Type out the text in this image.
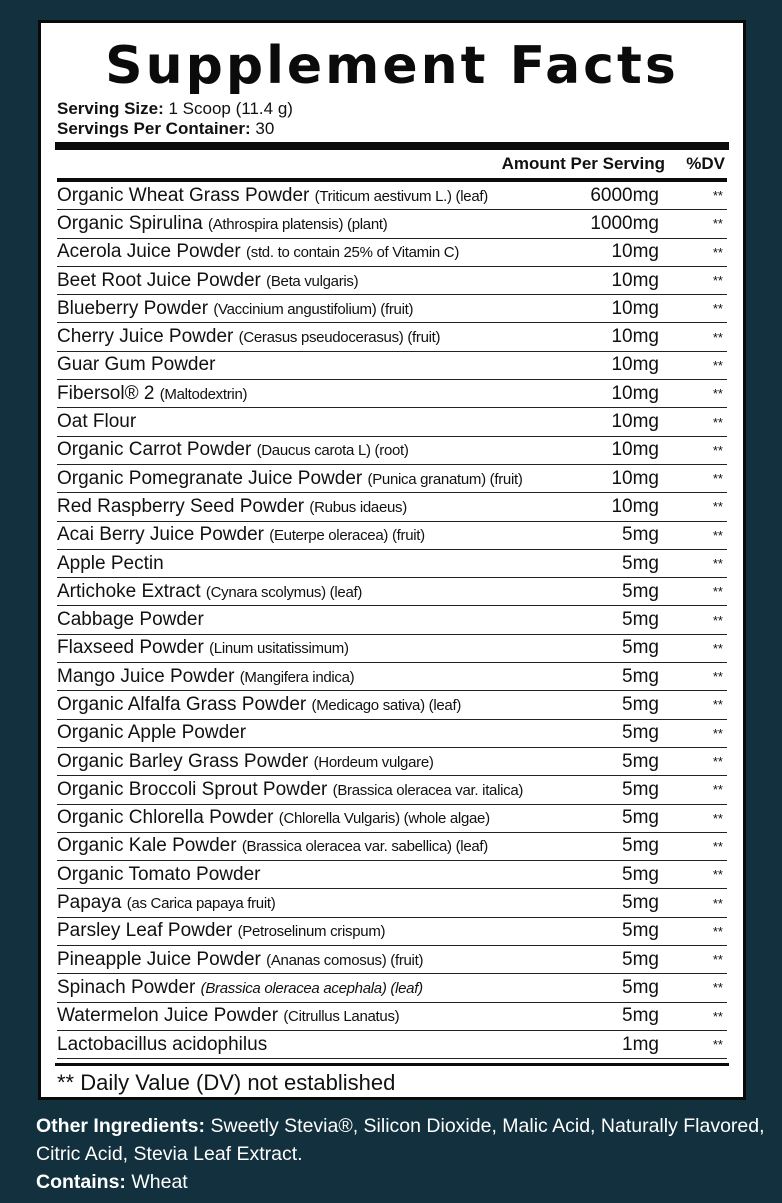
Supplement Facts
Serving Size: 1 Scoop (11.4 g)
Servings Per Container: 30
Amount Per Serving	%DV
Organic Wheat Grass Powder (Triticum aestivum L.) (leaf)	6000mg	**
Organic Spirulina (Athrospira platensis) (plant)	1000mg	**
Acerola Juice Powder (std. to contain 25% of Vitamin C)	10mg	**
Beet Root Juice Powder (Beta vulgaris)	10mg	**
Blueberry Powder (Vaccinium angustifolium) (fruit)	10mg	**
Cherry Juice Powder (Cerasus pseudocerasus) (fruit)	10mg	**
Guar Gum Powder	10mg	**
Fibersol® 2 (Maltodextrin)	10mg	**
Oat Flour	10mg	**
Organic Carrot Powder (Daucus carota L) (root)	10mg	**
Organic Pomegranate Juice Powder (Punica granatum) (fruit)	10mg	**
Red Raspberry Seed Powder (Rubus idaeus)	10mg	**
Acai Berry Juice Powder (Euterpe oleracea) (fruit)	5mg	**
Apple Pectin	5mg	**
Artichoke Extract (Cynara scolymus) (leaf)	5mg	**
Cabbage Powder	5mg	**
Flaxseed Powder (Linum usitatissimum)	5mg	**
Mango Juice Powder (Mangifera indica)	5mg	**
Organic Alfalfa Grass Powder (Medicago sativa) (leaf)	5mg	**
Organic Apple Powder	5mg	**
Organic Barley Grass Powder (Hordeum vulgare)	5mg	**
Organic Broccoli Sprout Powder (Brassica oleracea var. italica)	5mg	**
Organic Chlorella Powder (Chlorella Vulgaris) (whole algae)	5mg	**
Organic Kale Powder (Brassica oleracea var. sabellica) (leaf)	5mg	**
Organic Tomato Powder	5mg	**
Papaya (as Carica papaya fruit)	5mg	**
Parsley Leaf Powder (Petroselinum crispum)	5mg	**
Pineapple Juice Powder (Ananas comosus) (fruit)	5mg	**
Spinach Powder (Brassica oleracea acephala) (leaf)	5mg	**
Watermelon Juice Powder (Citrullus Lanatus)	5mg	**
Lactobacillus acidophilus	1mg	**
** Daily Value (DV) not established
Other Ingredients: Sweetly Stevia®, Silicon Dioxide, Malic Acid, Naturally Flavored, Citric Acid, Stevia Leaf Extract.
Contains: Wheat
